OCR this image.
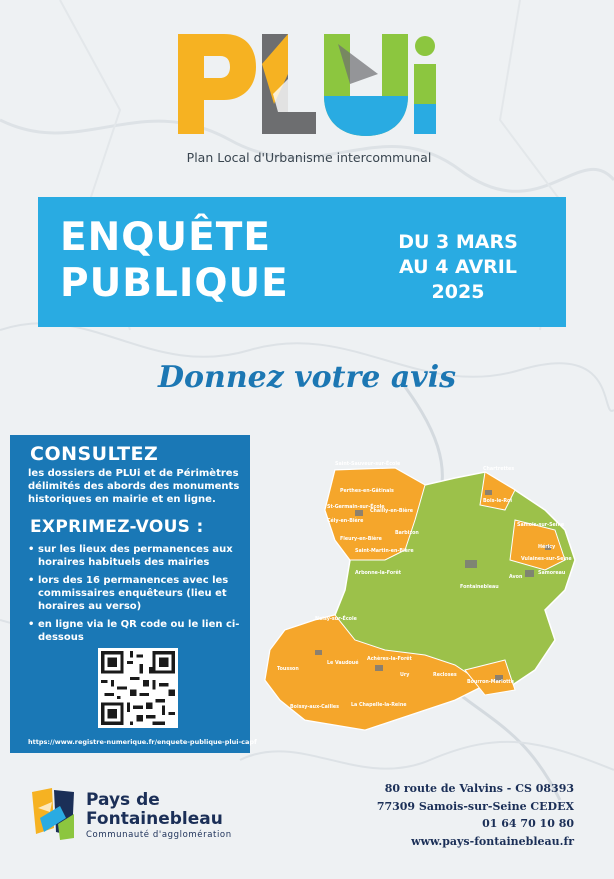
Plan Local d'Urbanisme intercommunal
ENQUÊTE
PUBLIQUE
DU 3 MARS
AU 4 AVRIL
2025
Donnez votre avis
Saint-Sauveur-sur-École
Perthes-en-Gâtinais
St-Germain-sur-École
Cély-en-Bière
Chailly-en-Bière
Fleury-en-Bière
Barbizon
Saint-Martin-en-Bière
Arbonne-la-Forêt
Chartrettes
Bois-le-Roi
Samois-sur-Seine
Héricy
Vulaines-sur-Seine
Samoreau
Avon
Fontainebleau
Noisy-sur-École
Tousson
Le Vaudoué
Achères-la-Forêt
Ury	Recloses
Bourron-Marlotte
Boissy-aux-Cailles	La Chapelle-la-Reine
CONSULTEZ
les dossiers de PLUi et de Périmètres délimités des abords des monuments historiques en mairie et en ligne.
EXPRIMEZ-VOUS :
• sur les lieux des permanences aux horaires habituels des mairies
• lors des 16 permanences avec les commissaires enquêteurs (lieu et horaires au verso)
• en ligne via le QR code ou le lien ci-dessous
https://www.registre-numerique.fr/enquete-publique-plui-capf
Pays de
Fontainebleau
Communauté d'agglomération
80 route de Valvins - CS 08393
77309 Samois-sur-Seine CEDEX
01 64 70 10 80
www.pays-fontainebleau.fr
